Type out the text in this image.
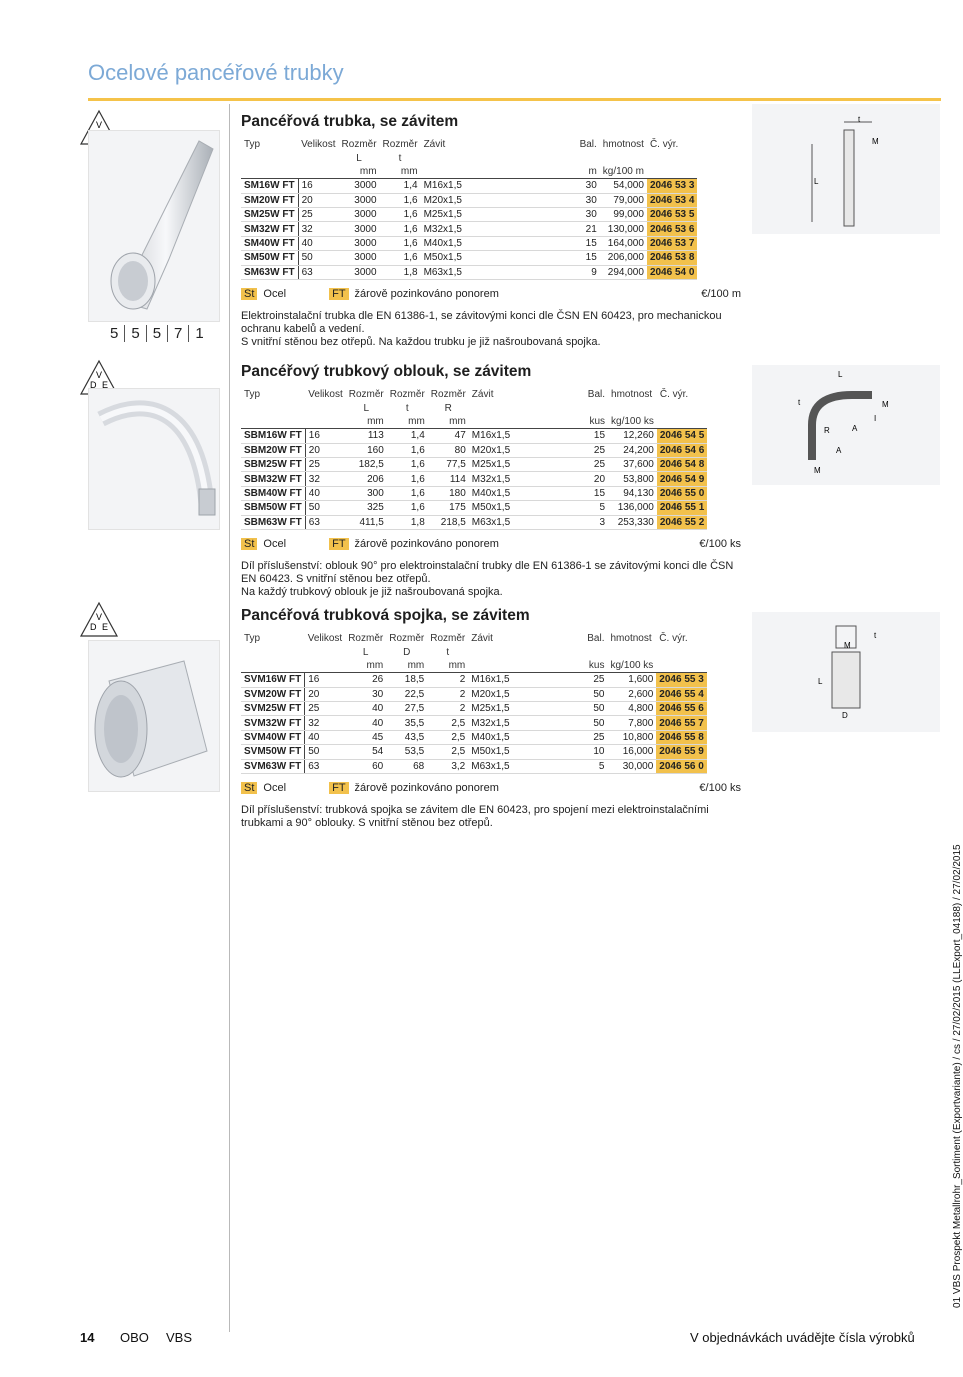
Ocelové pancéřové trubky
D
V
E
D
V
E
D
V
E
5 5 5 7 1
t
M
L
L
t	M
R	A
A
M
I
t
M
L
D
Pancéřová trubka, se závitem
Typ	Velikost	Rozměr	Rozměr	Závit	Bal.	hmotnost	Č. výr.
		L	t				
		mm	mm		m	kg/100 m	
SM16W FT	16	3000	1,4	M16x1,5	30	54,000	2046 53 3
SM20W FT	20	3000	1,6	M20x1,5	30	79,000	2046 53 4
SM25W FT	25	3000	1,6	M25x1,5	30	99,000	2046 53 5
SM32W FT	32	3000	1,6	M32x1,5	21	130,000	2046 53 6
SM40W FT	40	3000	1,6	M40x1,5	15	164,000	2046 53 7
SM50W FT	50	3000	1,6	M50x1,5	15	206,000	2046 53 8
SM63W FT	63	3000	1,8	M63x1,5	9	294,000	2046 54 0
St Ocel	FT žárově pozinkováno ponorem	€/100 m
Elektroinstalační trubka dle EN 61386-1, se závitovými konci dle ČSN EN 60423, pro mechanickou ochranu kabelů a vedení.
S vnitřní stěnou bez otřepů. Na každou trubku je již našroubovaná spojka.
Pancéřový trubkový oblouk, se závitem
Typ	Velikost	Rozměr	Rozměr	Rozměr	Závit	Bal.	hmotnost	Č. výr.
		L	t	R				
		mm	mm	mm		kus	kg/100 ks	
SBM16W FT	16	113	1,4	47	M16x1,5	15	12,260	2046 54 5
SBM20W FT	20	160	1,6	80	M20x1,5	25	24,200	2046 54 6
SBM25W FT	25	182,5	1,6	77,5	M25x1,5	25	37,600	2046 54 8
SBM32W FT	32	206	1,6	114	M32x1,5	20	53,800	2046 54 9
SBM40W FT	40	300	1,6	180	M40x1,5	15	94,130	2046 55 0
SBM50W FT	50	325	1,6	175	M50x1,5	5	136,000	2046 55 1
SBM63W FT	63	411,5	1,8	218,5	M63x1,5	3	253,330	2046 55 2
St Ocel	FT žárově pozinkováno ponorem	€/100 ks
Díl příslušenství: oblouk 90° pro elektroinstalační trubky dle EN 61386-1 se závitovými konci dle ČSN EN 60423. S vnitřní stěnou bez otřepů.
Na každý trubkový oblouk je již našroubovaná spojka.
Pancéřová trubková spojka, se závitem
Typ	Velikost	Rozměr	Rozměr	Rozměr	Závit	Bal.	hmotnost	Č. výr.
		L	D	t				
		mm	mm	mm		kus	kg/100 ks	
SVM16W FT	16	26	18,5	2	M16x1,5	25	1,600	2046 55 3
SVM20W FT	20	30	22,5	2	M20x1,5	50	2,600	2046 55 4
SVM25W FT	25	40	27,5	2	M25x1,5	50	4,800	2046 55 6
SVM32W FT	32	40	35,5	2,5	M32x1,5	50	7,800	2046 55 7
SVM40W FT	40	45	43,5	2,5	M40x1,5	25	10,800	2046 55 8
SVM50W FT	50	54	53,5	2,5	M50x1,5	10	16,000	2046 55 9
SVM63W FT	63	60	68	3,2	M63x1,5	5	30,000	2046 56 0
St Ocel	FT žárově pozinkováno ponorem	€/100 ks
Díl příslušenství: trubková spojka se závitem dle EN 60423, pro spojení mezi elektroinstalačními trubkami a 90° oblouky. S vnitřní stěnou bez otřepů.
14 OBO VBS	V objednávkách uvádějte čísla výrobků
01 VBS Prospekt Metallrohr_Sortiment (Exportvariante) / cs / 27/02/2015 (LLExport_04188) / 27/02/2015
